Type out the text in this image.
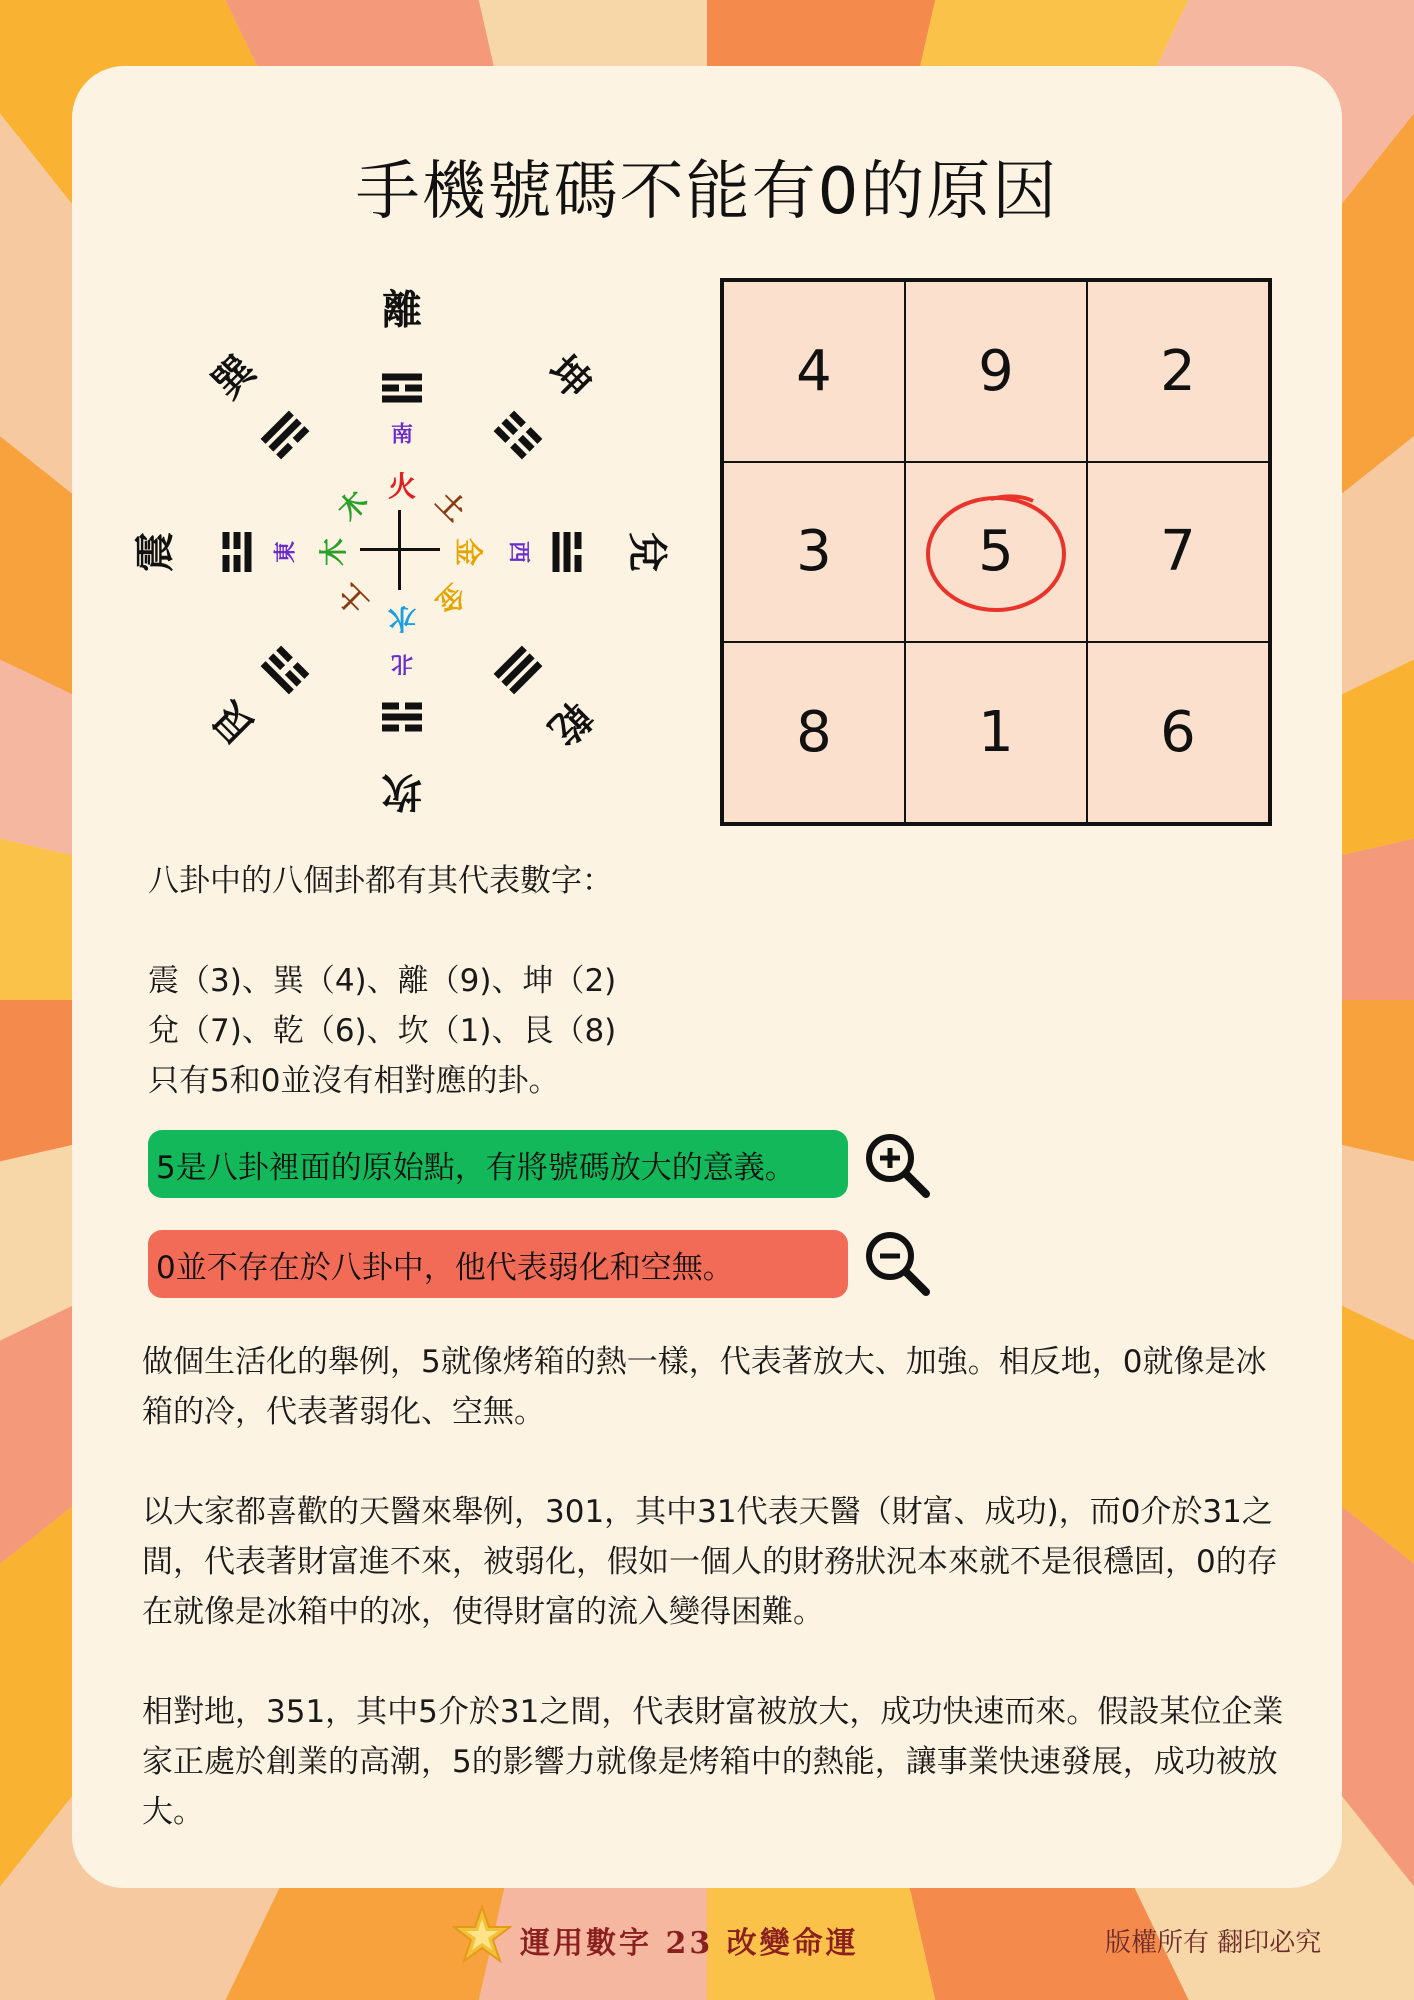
手機號碼不能有0的原因
離
坤
兌
乾
坎
艮
震
巽
南
西
北
東
火 土
金
金
水
土
木
木
4	9	2
3	5	7
8	1	6
八卦中的八個卦都有其代表數字：
震（3)、巽（4)、離（9)、坤（2)
兌（7)、乾（6)、坎（1)、艮（8)
只有5和0並沒有相對應的卦。
5是八卦裡面的原始點，有將號碼放大的意義。
0並不存在於八卦中，他代表弱化和空無。
做個生活化的舉例，5就像烤箱的熱一樣，代表著放大、加強。相反地，0就像是冰箱的冷，代表著弱化、空無。
以大家都喜歡的天醫來舉例，301，其中31代表天醫（財富、成功)，而0介於31之間，代表著財富進不來，被弱化，假如一個人的財務狀況本來就不是很穩固，0的存在就像是冰箱中的冰，使得財富的流入變得困難。
相對地，351，其中5介於31之間，代表財富被放大，成功快速而來。假設某位企業家正處於創業的高潮，5的影響力就像是烤箱中的熱能，讓事業快速發展，成功被放大。
運用數字 23 改變命運	版權所有 翻印必究
